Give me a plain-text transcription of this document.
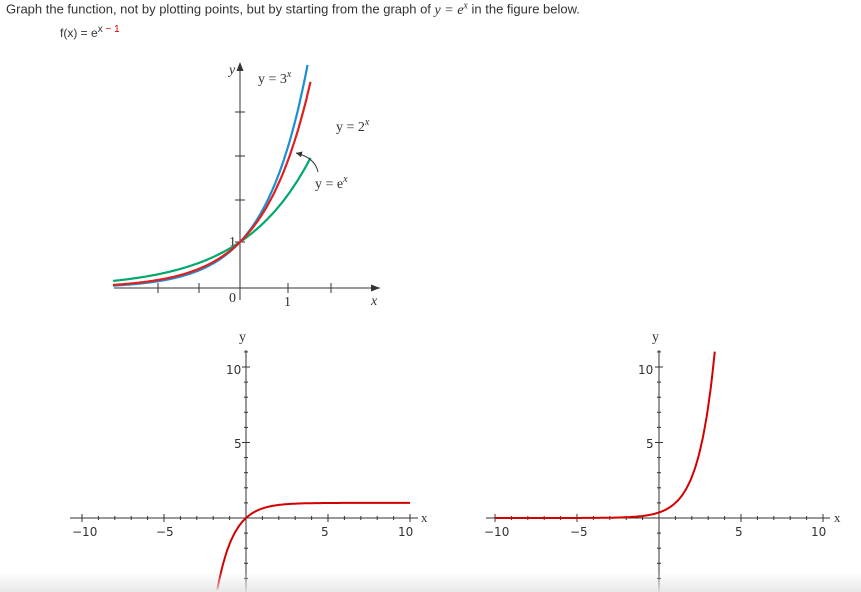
Graph the function, not by plotting points, but by starting from the graph of $y = e^x$ in the figure below.
$f(x) = e^{x - 1}$
y
x
0	1
1
$y = 3^x$
$y = 2^x$
$y = e^x$
−10	−5	5	10
10
5
y
x
−10	−5	5	10
10
5
y
x
